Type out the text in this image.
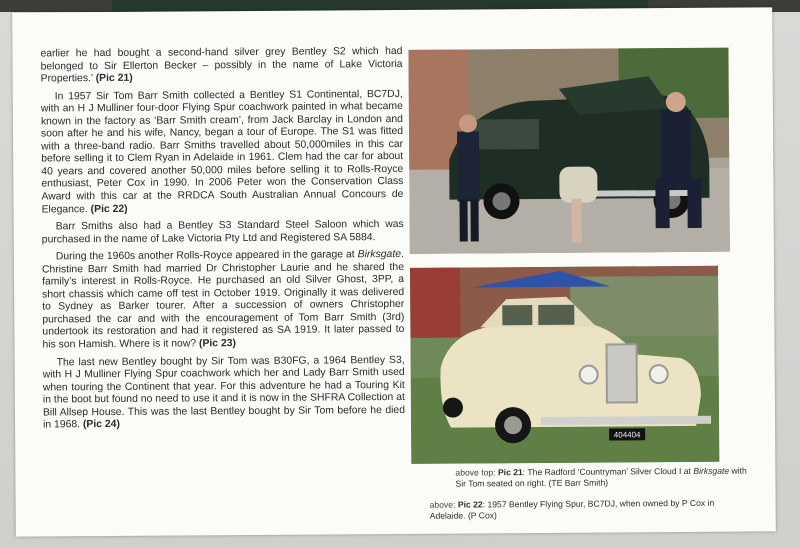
earlier he had bought a second-hand silver grey Bentley S2 which had belonged to Sir Ellerton Becker – possibly in the name of Lake Victoria Properties.’ (Pic 21)

In 1957 Sir Tom Barr Smith collected a Bentley S1 Continental, BC7DJ, with an H J Mulliner four-door Flying Spur coachwork painted in what became known in the factory as ‘Barr Smith cream’, from Jack Barclay in London and soon after he and his wife, Nancy, began a tour of Europe. The S1 was fitted with a three-band radio. Barr Smiths travelled about 50,000miles in this car before selling it to Clem Ryan in Adelaide in 1961. Clem had the car for about 40 years and covered another 50,000 miles before selling it to Rolls-Royce enthusiast, Peter Cox in 1990. In 2006 Peter won the Conservation Class Award with this car at the RRDCA South Australian Annual Concours de Elegance. (Pic 22)

Barr Smiths also had a Bentley S3 Standard Steel Saloon which was purchased in the name of Lake Victoria Pty Ltd and Registered SA 5884.

During the 1960s another Rolls-Royce appeared in the garage at Birksgate. Christine Barr Smith had married Dr Christopher Laurie and he shared the family’s interest in Rolls-Royce. He purchased an old Silver Ghost, 3PP, a short chassis which came off test in October 1919. Originally it was delivered to Sydney as Barker tourer. After a succession of owners Christopher purchased the car and with the encouragement of Tom Barr Smith (3rd) undertook its restoration and had it registered as SA 1919. It later passed to his son Hamish. Where is it now? (Pic 23)

The last new Bentley bought by Sir Tom was B30FG, a 1964 Bentley S3, with H J Mulliner Flying Spur coachwork which her and Lady Barr Smith used when touring the Continent that year. For this adventure he had a Touring Kit in the boot but found no need to use it and it is now in the SHFRA Collection at Bill Allsep House. This was the last Bentley bought by Sir Tom before he died in 1968. (Pic 24)

404404
above top: Pic 21: The Radford ‘Countryman’ Silver Cloud I at Birksgate with Sir Tom seated on right. (TE Barr Smith)
above: Pic 22: 1957 Bentley Flying Spur, BC7DJ, when owned by P Cox in Adelaide. (P Cox)
